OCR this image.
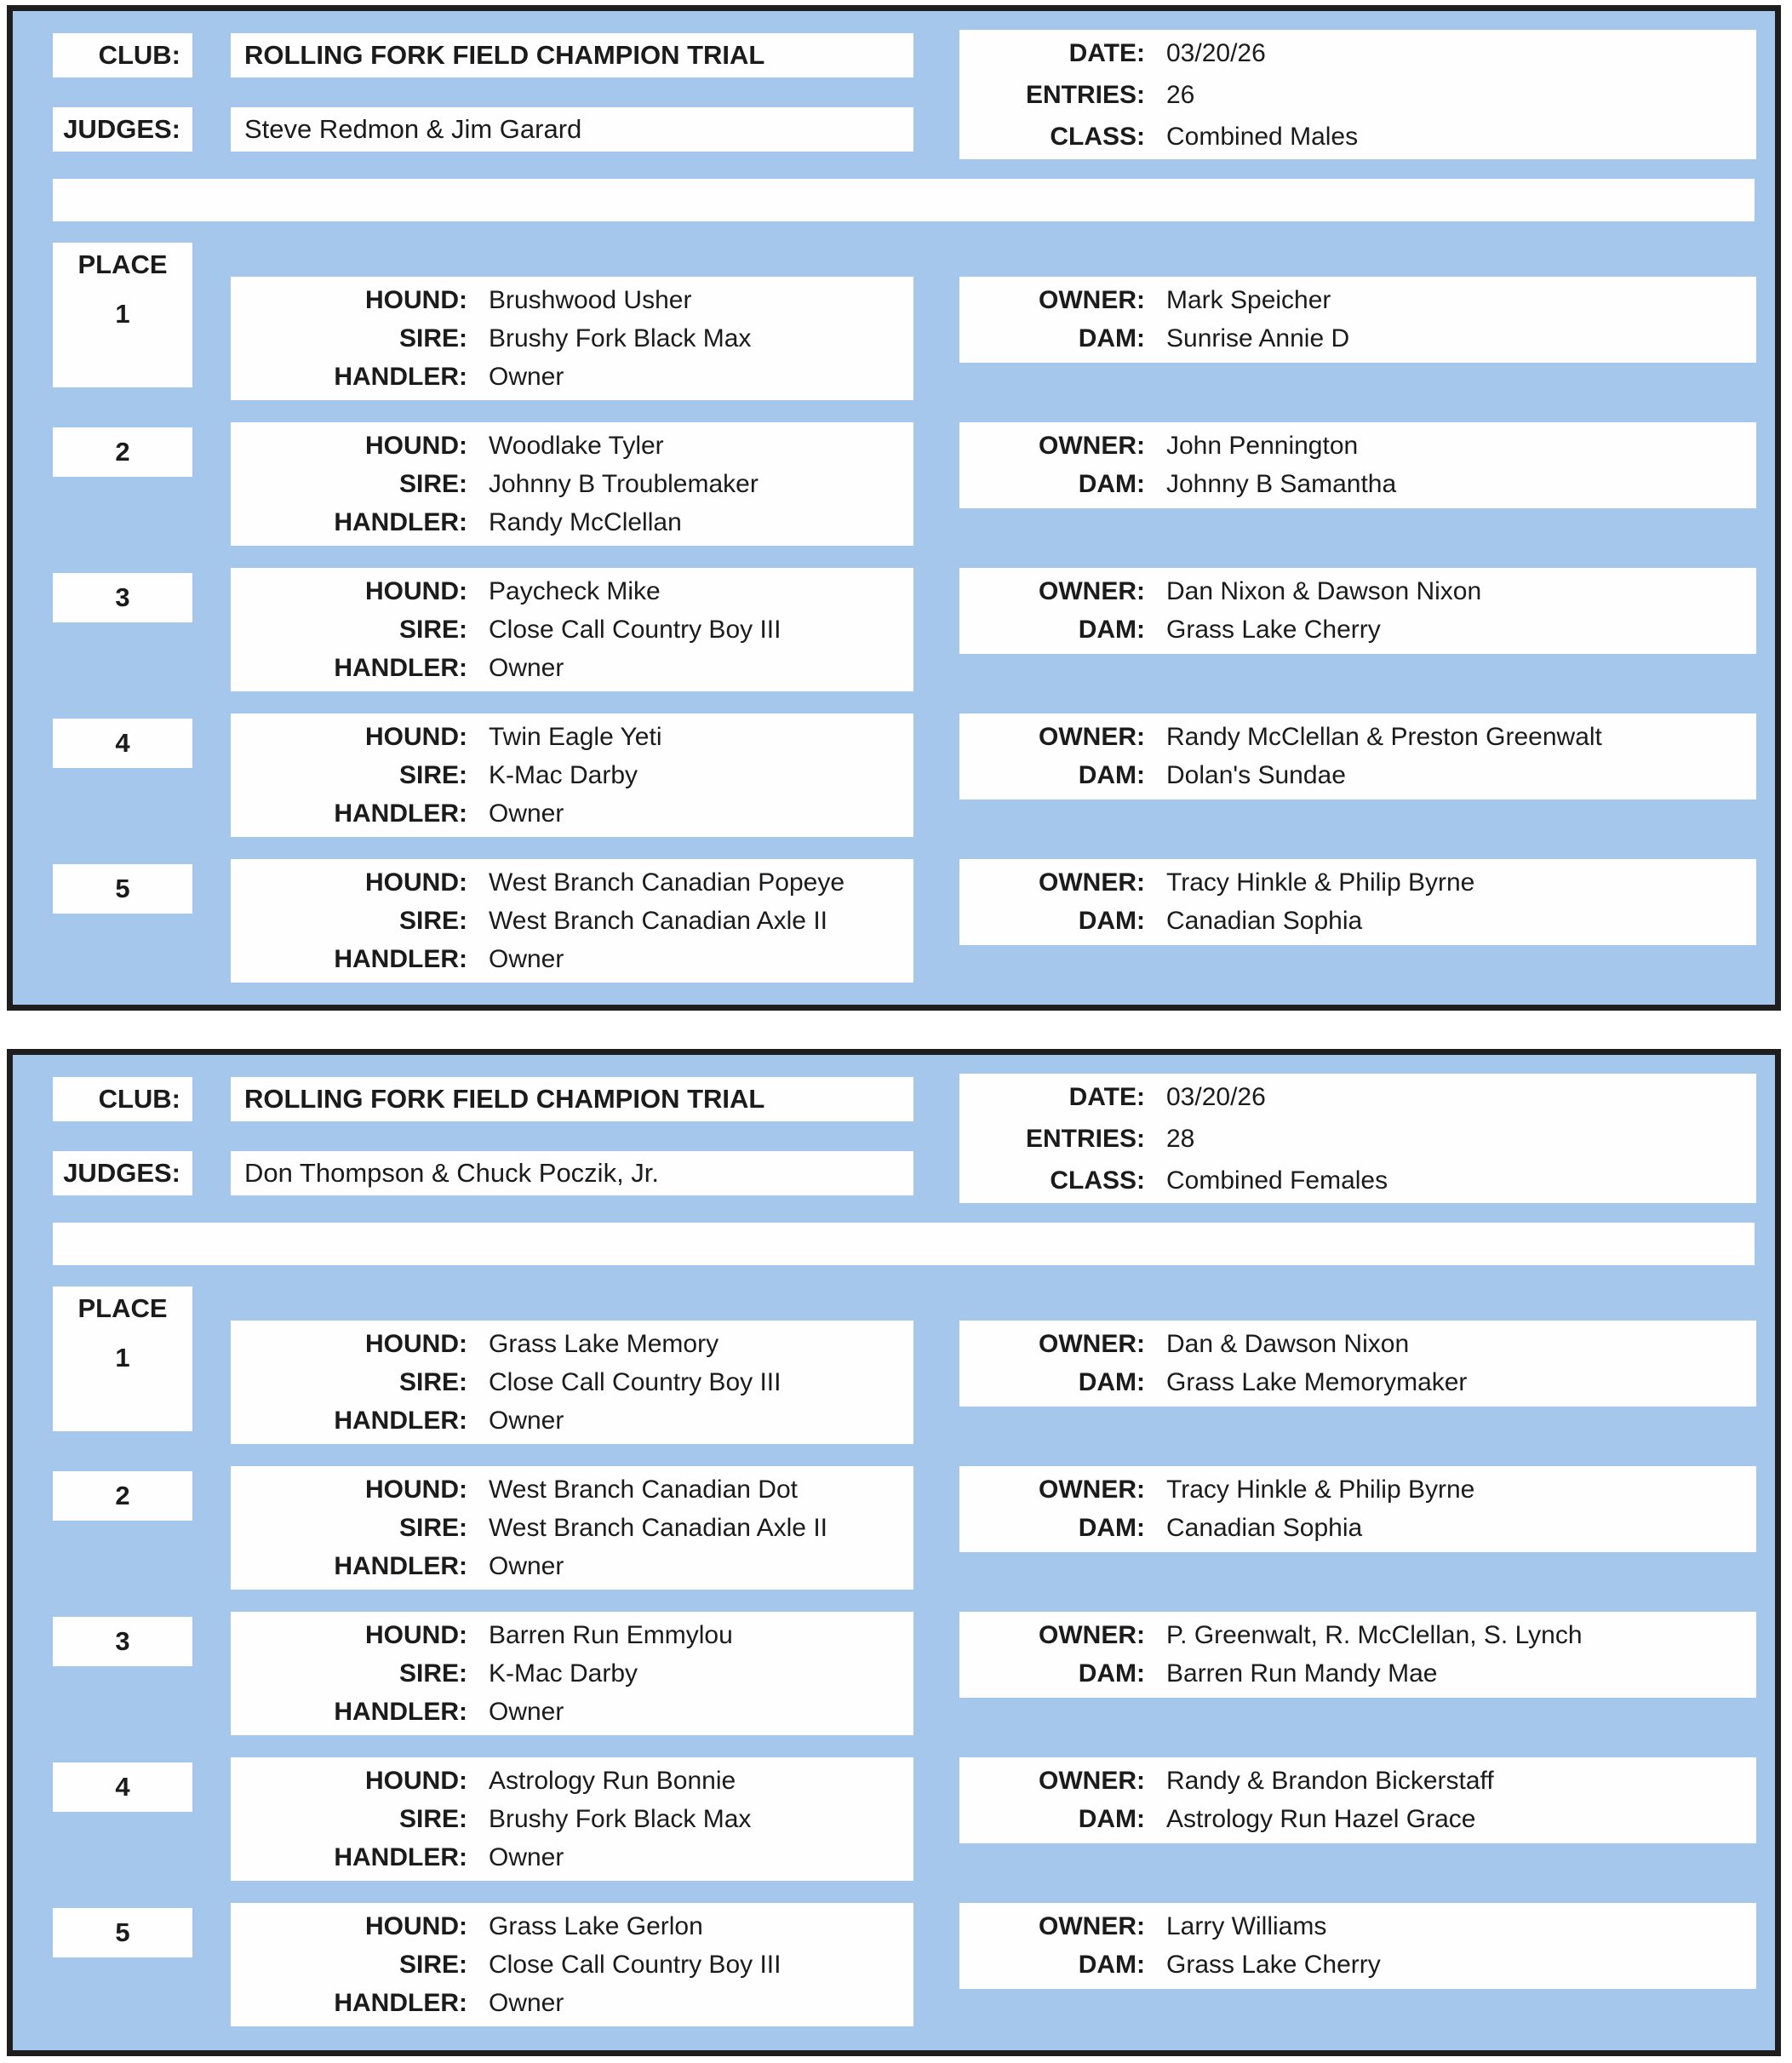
CLUB:	ROLLING FORK FIELD CHAMPION TRIAL
JUDGES:	Steve Redmon & Jim Garard
DATE: 03/20/26
ENTRIES: 26
CLASS: Combined Males
PLACE
1	HOUND: Brushwood Usher
SIRE: Brushy Fork Black Max
HANDLER: Owner
OWNER: Mark Speicher
DAM: Sunrise Annie D
2	HOUND: Woodlake Tyler
SIRE: Johnny B Troublemaker
HANDLER: Randy McClellan
OWNER: John Pennington
DAM: Johnny B Samantha
3	HOUND: Paycheck Mike
SIRE: Close Call Country Boy III
HANDLER: Owner
OWNER: Dan Nixon & Dawson Nixon
DAM: Grass Lake Cherry
4	HOUND: Twin Eagle Yeti
SIRE: K-Mac Darby
HANDLER: Owner
OWNER: Randy McClellan & Preston Greenwalt
DAM: Dolan's Sundae
5	HOUND: West Branch Canadian Popeye
SIRE: West Branch Canadian Axle II
HANDLER: Owner
OWNER: Tracy Hinkle & Philip Byrne
DAM: Canadian Sophia
CLUB:	ROLLING FORK FIELD CHAMPION TRIAL
JUDGES:	Don Thompson & Chuck Poczik, Jr.
DATE: 03/20/26
ENTRIES: 28
CLASS: Combined Females
PLACE
1	HOUND: Grass Lake Memory
SIRE: Close Call Country Boy III
HANDLER: Owner
OWNER: Dan & Dawson Nixon
DAM: Grass Lake Memorymaker
2	HOUND: West Branch Canadian Dot
SIRE: West Branch Canadian Axle II
HANDLER: Owner
OWNER: Tracy Hinkle & Philip Byrne
DAM: Canadian Sophia
3	HOUND: Barren Run Emmylou
SIRE: K-Mac Darby
HANDLER: Owner
OWNER: P. Greenwalt, R. McClellan, S. Lynch
DAM: Barren Run Mandy Mae
4	HOUND: Astrology Run Bonnie
SIRE: Brushy Fork Black Max
HANDLER: Owner
OWNER: Randy & Brandon Bickerstaff
DAM: Astrology Run Hazel Grace
5	HOUND: Grass Lake Gerlon
SIRE: Close Call Country Boy III
HANDLER: Owner
OWNER: Larry Williams
DAM: Grass Lake Cherry
